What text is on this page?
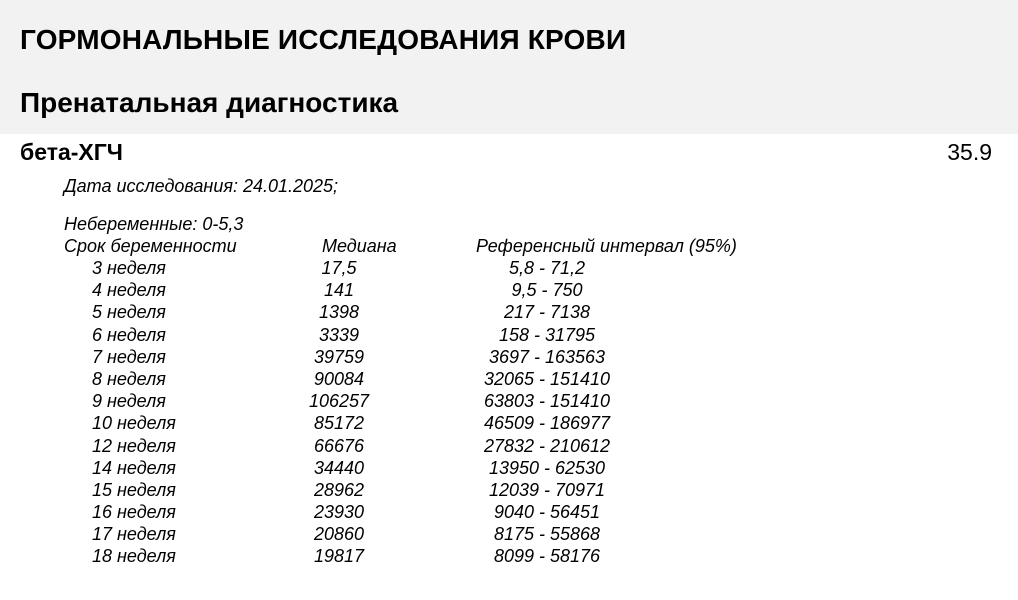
ГОРМОНАЛЬНЫЕ ИССЛЕДОВАНИЯ КРОВИ
Пренатальная диагностика
бета-ХГЧ	35.9
Дата исследования: 24.01.2025;
Небеременные: 0-5,3
Срок беременности	Медиана	Референсный интервал (95%)
3 неделя	17,5	5,8 - 71,2
4 неделя	141	9,5 - 750
5 неделя	1398	217 - 7138
6 неделя	3339	158 - 31795
7 неделя	39759	3697 - 163563
8 неделя	90084	32065 - 151410
9 неделя	106257	63803 - 151410
10 неделя	85172	46509 - 186977
12 неделя	66676	27832 - 210612
14 неделя	34440	13950 - 62530
15 неделя	28962	12039 - 70971
16 неделя	23930	9040 - 56451
17 неделя	20860	8175 - 55868
18 неделя	19817	8099 - 58176
